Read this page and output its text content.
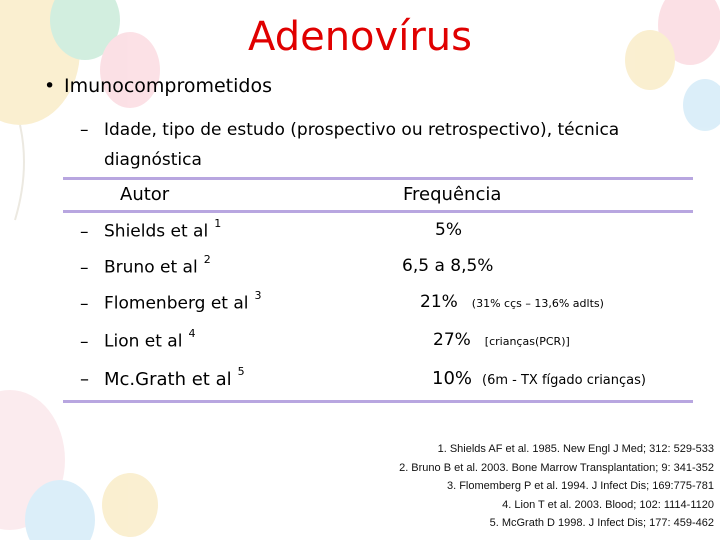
Adenovírus
• Imunocomprometidos
– Idade, tipo de estudo (prospectivo ou retrospectivo), técnica
diagnóstica
Autor	Frequência
– Shields et al $^1$	5%
– Bruno et al $^2$	6,5 a 8,5%
– Flomenberg et al $^3$	21% (31% cçs – 13,6% adlts)
– Lion et al $^4$	27% [crianças(PCR)]
– Mc.Grath et al $^5$	10% (6m - TX fígado crianças)
1. Shields AF et al. 1985. New Engl J Med; 312: 529-533
2. Bruno B et al. 2003. Bone Marrow Transplantation; 9: 341-352
3. Flomemberg P et al. 1994. J Infect Dis; 169:775-781
4. Lion T et al. 2003. Blood; 102: 1114-1120
5. McGrath D 1998. J Infect Dis; 177: 459-462
